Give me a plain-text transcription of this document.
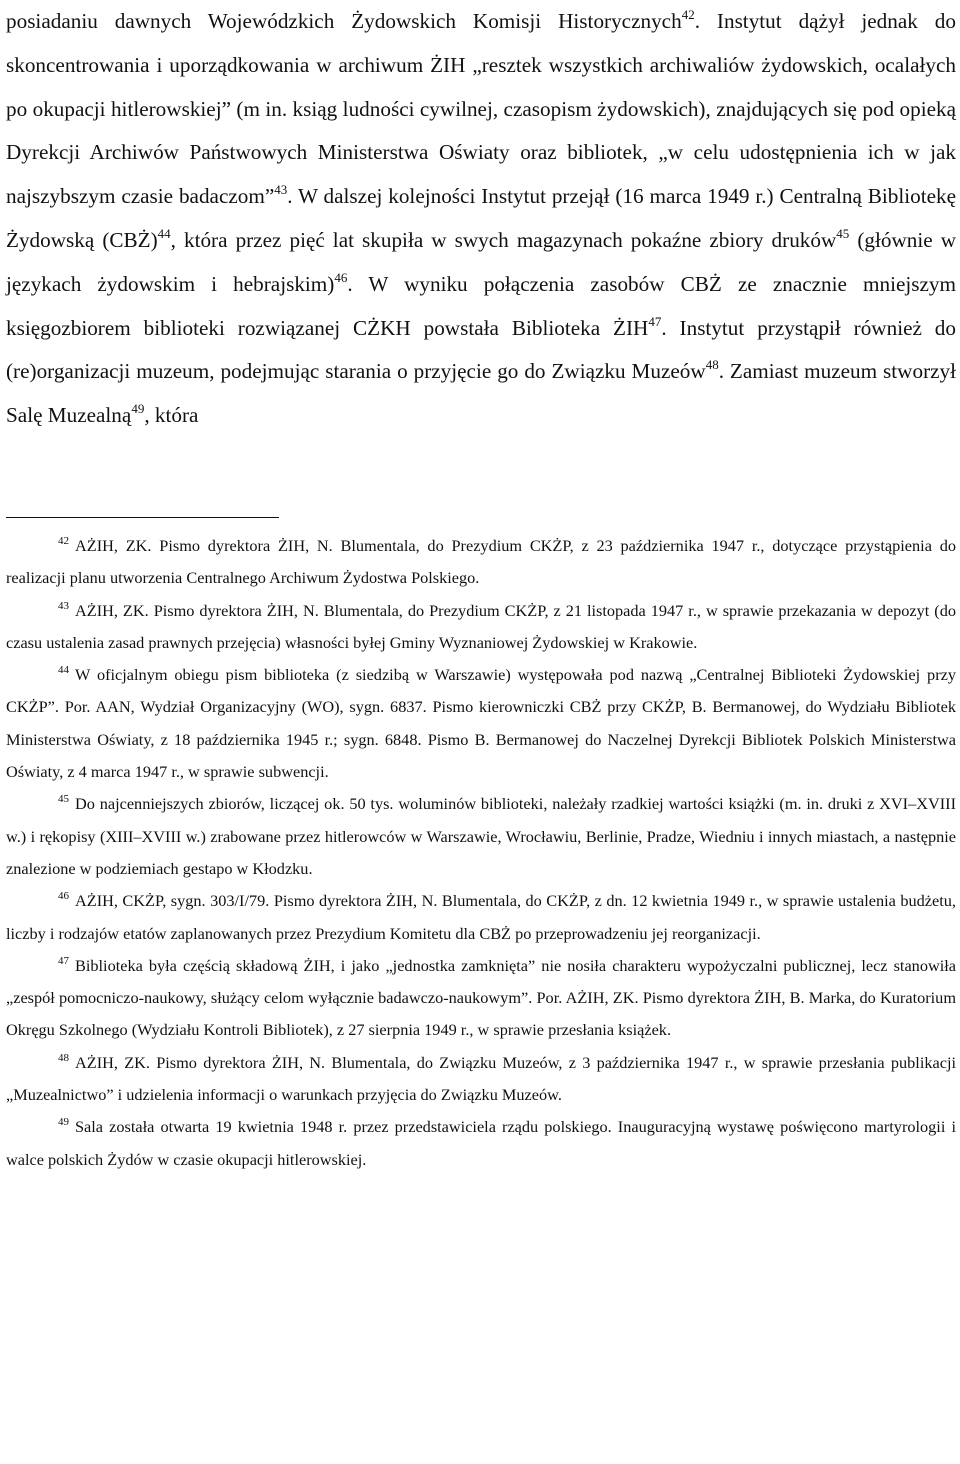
posiadaniu dawnych Wojewódzkich Żydowskich Komisji Historycznych$^{42}$. Instytut dążył jednak do skoncentrowania i uporządkowania w archiwum ŻIH „resztek wszystkich archiwaliów żydowskich, ocalałych po okupacji hitlerowskiej” (m in. ksiąg ludności cywilnej, czasopism żydowskich), znajdujących się pod opieką Dyrekcji Archiwów Państwowych Ministerstwa Oświaty oraz bibliotek, „w celu udostępnienia ich w jak najszybszym czasie badaczom”$^{43}$. W dalszej kolejności Instytut przejął (16 marca 1949 r.) Centralną Bibliotekę Żydowską (CBŻ)$^{44}$, która przez pięć lat skupiła w swych magazynach pokaźne zbiory druków$^{45}$ (głównie w językach żydowskim i hebrajskim)$^{46}$. W wyniku połączenia zasobów CBŻ ze znacznie mniejszym księgozbiorem biblioteki rozwiązanej CŻKH powstała Biblioteka ŻIH$^{47}$. Instytut przystąpił również do (re)organizacji muzeum, podejmując starania o przyjęcie go do Związku Muzeów$^{48}$. Zamiast muzeum stworzył Salę Muzealną$^{49}$, która

$^{42}$ AŻIH, ZK. Pismo dyrektora ŻIH, N. Blumentala, do Prezydium CKŻP, z 23 października 1947 r., dotyczące przystąpienia do realizacji planu utworzenia Centralnego Archiwum Żydostwa Polskiego.

$^{43}$ AŻIH, ZK. Pismo dyrektora ŻIH, N. Blumentala, do Prezydium CKŻP, z 21 listopada 1947 r., w sprawie przekazania w depozyt (do czasu ustalenia zasad prawnych przejęcia) własności byłej Gminy Wyznaniowej Żydowskiej w Krakowie.

$^{44}$ W oficjalnym obiegu pism biblioteka (z siedzibą w Warszawie) występowała pod nazwą „Centralnej Biblioteki Żydowskiej przy CKŻP”. Por. AAN, Wydział Organizacyjny (WO), sygn. 6837. Pismo kierowniczki CBŻ przy CKŻP, B. Bermanowej, do Wydziału Bibliotek Ministerstwa Oświaty, z 18 października 1945 r.; sygn. 6848. Pismo B. Bermanowej do Naczelnej Dyrekcji Bibliotek Polskich Ministerstwa Oświaty, z 4 marca 1947 r., w sprawie subwencji.

$^{45}$ Do najcenniejszych zbiorów, liczącej ok. 50 tys. woluminów biblioteki, należały rzadkiej wartości książki (m. in. druki z XVI–XVIII w.) i rękopisy (XIII–XVIII w.) zrabowane przez hitlerowców w Warszawie, Wrocławiu, Berlinie, Pradze, Wiedniu i innych miastach, a następnie znalezione w podziemiach gestapo w Kłodzku.

$^{46}$ AŻIH, CKŻP, sygn. 303/I/79. Pismo dyrektora ŻIH, N. Blumentala, do CKŻP, z dn. 12 kwietnia 1949 r., w sprawie ustalenia budżetu, liczby i rodzajów etatów zaplanowanych przez Prezydium Komitetu dla CBŻ po przeprowadzeniu jej reorganizacji.

$^{47}$ Biblioteka była częścią składową ŻIH, i jako „jednostka zamknięta” nie nosiła charakteru wypożyczalni publicznej, lecz stanowiła „zespół pomocniczo-naukowy, służący celom wyłącznie badawczo-naukowym”. Por. AŻIH, ZK. Pismo dyrektora ŻIH, B. Marka, do Kuratorium Okręgu Szkolnego (Wydziału Kontroli Bibliotek), z 27 sierpnia 1949 r., w sprawie przesłania książek.

$^{48}$ AŻIH, ZK. Pismo dyrektora ŻIH, N. Blumentala, do Związku Muzeów, z 3 października 1947 r., w sprawie przesłania publikacji „Muzealnictwo” i udzielenia informacji o warunkach przyjęcia do Związku Muzeów.

$^{49}$ Sala została otwarta 19 kwietnia 1948 r. przez przedstawiciela rządu polskiego. Inauguracyjną wystawę poświęcono martyrologii i walce polskich Żydów w czasie okupacji hitlerowskiej.
